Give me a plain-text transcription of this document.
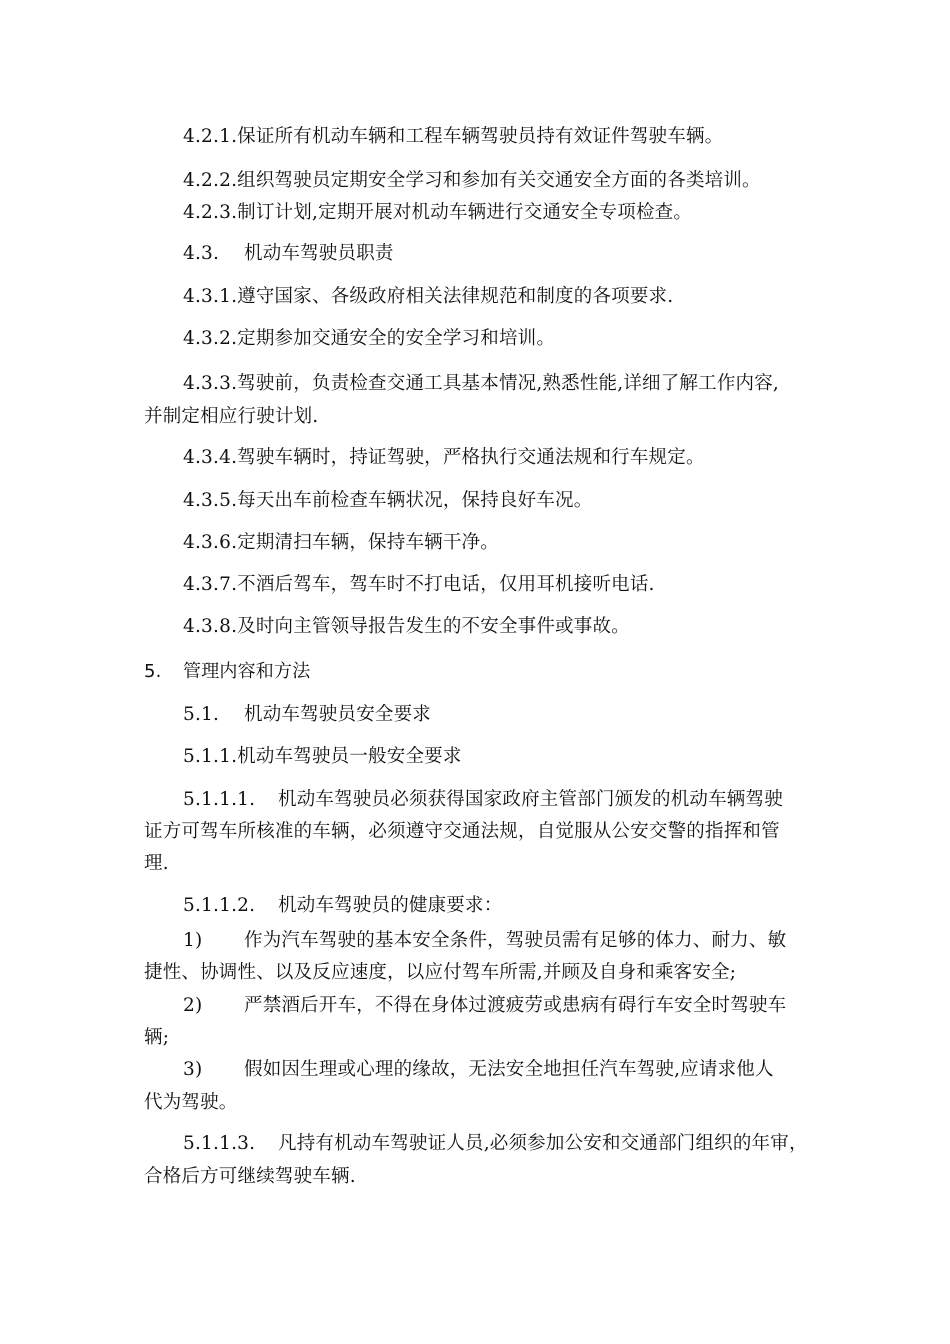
4.2.1.保证所有机动车辆和工程车辆驾驶员持有效证件驾驶车辆。
4.2.2.组织驾驶员定期安全学习和参加有关交通安全方面的各类培训。
4.2.3.制订计划,定期开展对机动车辆进行交通安全专项检查。
4.3. 机动车驾驶员职责
4.3.1.遵守国家、各级政府相关法律规范和制度的各项要求.
4.3.2.定期参加交通安全的安全学习和培训。
4.3.3.驾驶前，负责检查交通工具基本情况,熟悉性能,详细了解工作内容,
并制定相应行驶计划.
4.3.4.驾驶车辆时，持证驾驶，严格执行交通法规和行车规定。
4.3.5.每天出车前检查车辆状况，保持良好车况。
4.3.6.定期清扫车辆，保持车辆干净。
4.3.7.不酒后驾车，驾车时不打电话，仅用耳机接听电话.
4.3.8.及时向主管领导报告发生的不安全事件或事故。
5. 管理内容和方法
5.1. 机动车驾驶员安全要求
5.1.1.机动车驾驶员一般安全要求
5.1.1.1. 机动车驾驶员必须获得国家政府主管部门颁发的机动车辆驾驶
证方可驾车所核准的车辆，必须遵守交通法规，自觉服从公安交警的指挥和管
理.
5.1.1.2. 机动车驾驶员的健康要求：
1) 作为汽车驾驶的基本安全条件，驾驶员需有足够的体力、耐力、敏
捷性、协调性、以及反应速度，以应付驾车所需,并顾及自身和乘客安全;
2) 严禁酒后开车，不得在身体过渡疲劳或患病有碍行车安全时驾驶车
辆;
3) 假如因生理或心理的缘故，无法安全地担任汽车驾驶,应请求他人
代为驾驶。
5.1.1.3. 凡持有机动车驾驶证人员,必须参加公安和交通部门组织的年审，
合格后方可继续驾驶车辆.
